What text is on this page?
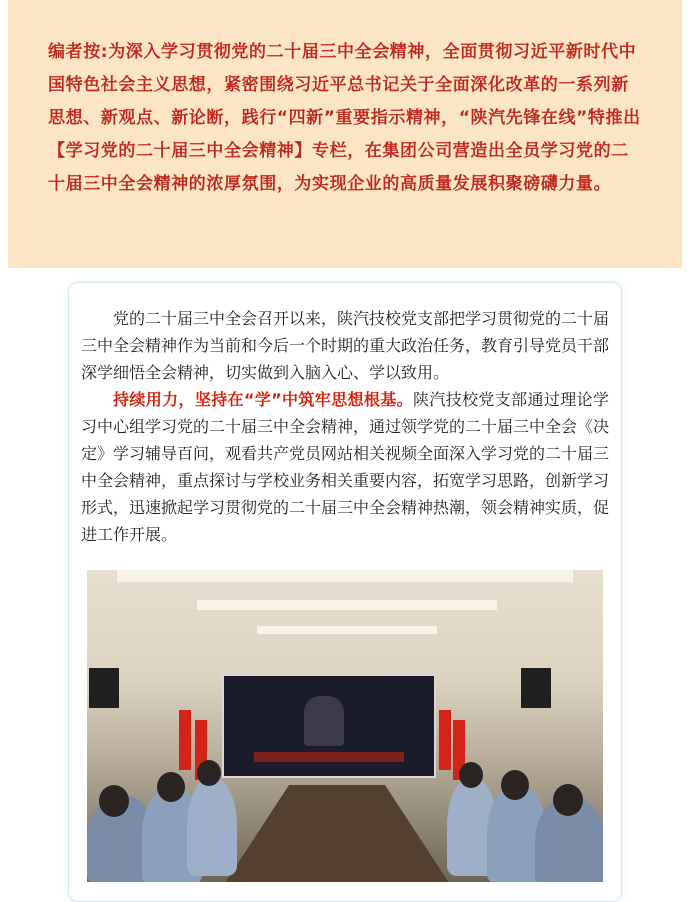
编者按:为深入学习贯彻党的二十届三中全会精神，全面贯彻习近平新时代中国特色社会主义思想，紧密围绕习近平总书记关于全面深化改革的一系列新思想、新观点、新论断，践行“四新”重要指示精神，“陕汽先锋在线”特推出【学习党的二十届三中全会精神】专栏，在集团公司营造出全员学习党的二十届三中全会精神的浓厚氛围，为实现企业的高质量发展积聚磅礴力量。

党的二十届三中全会召开以来，陕汽技校党支部把学习贯彻党的二十届三中全会精神作为当前和今后一个时期的重大政治任务，教育引导党员干部深学细悟全会精神，切实做到入脑入心、学以致用。

持续用力，坚持在“学”中筑牢思想根基。陕汽技校党支部通过理论学习中心组学习党的二十届三中全会精神，通过领学党的二十届三中全会《决定》学习辅导百问，观看共产党员网站相关视频全面深入学习党的二十届三中全会精神，重点探讨与学校业务相关重要内容，拓宽学习思路，创新学习形式，迅速掀起学习贯彻党的二十届三中全会精神热潮，领会精神实质，促进工作开展。
